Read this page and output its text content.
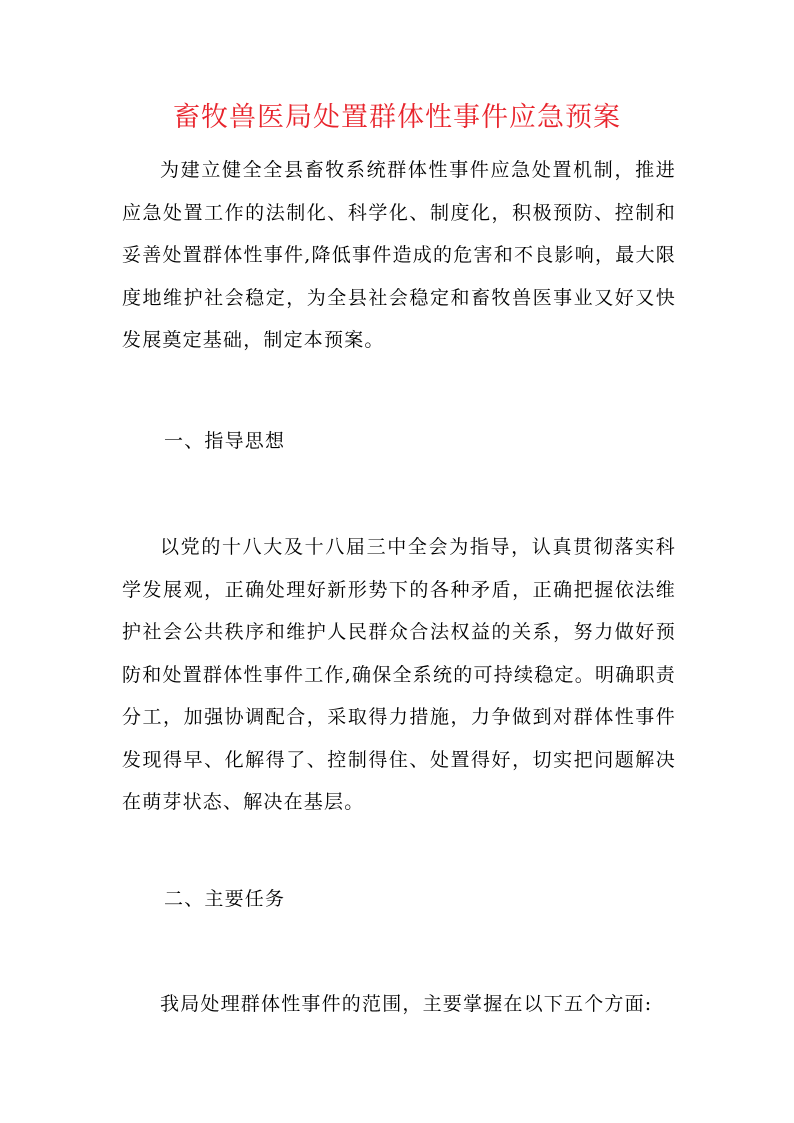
畜牧兽医局处置群体性事件应急预案

为建立健全全县畜牧系统群体性事件应急处置机制，推进应急处置工作的法制化、科学化、制度化，积极预防、控制和妥善处置群体性事件,降低事件造成的危害和不良影响，最大限度地维护社会稳定，为全县社会稳定和畜牧兽医事业又好又快发展奠定基础，制定本预案。

一、指导思想

以党的十八大及十八届三中全会为指导，认真贯彻落实科学发展观，正确处理好新形势下的各种矛盾，正确把握依法维护社会公共秩序和维护人民群众合法权益的关系，努力做好预防和处置群体性事件工作,确保全系统的可持续稳定。明确职责分工，加强协调配合，采取得力措施，力争做到对群体性事件发现得早、化解得了、控制得住、处置得好，切实把问题解决在萌芽状态、解决在基层。

二、主要任务

我局处理群体性事件的范围，主要掌握在以下五个方面:
